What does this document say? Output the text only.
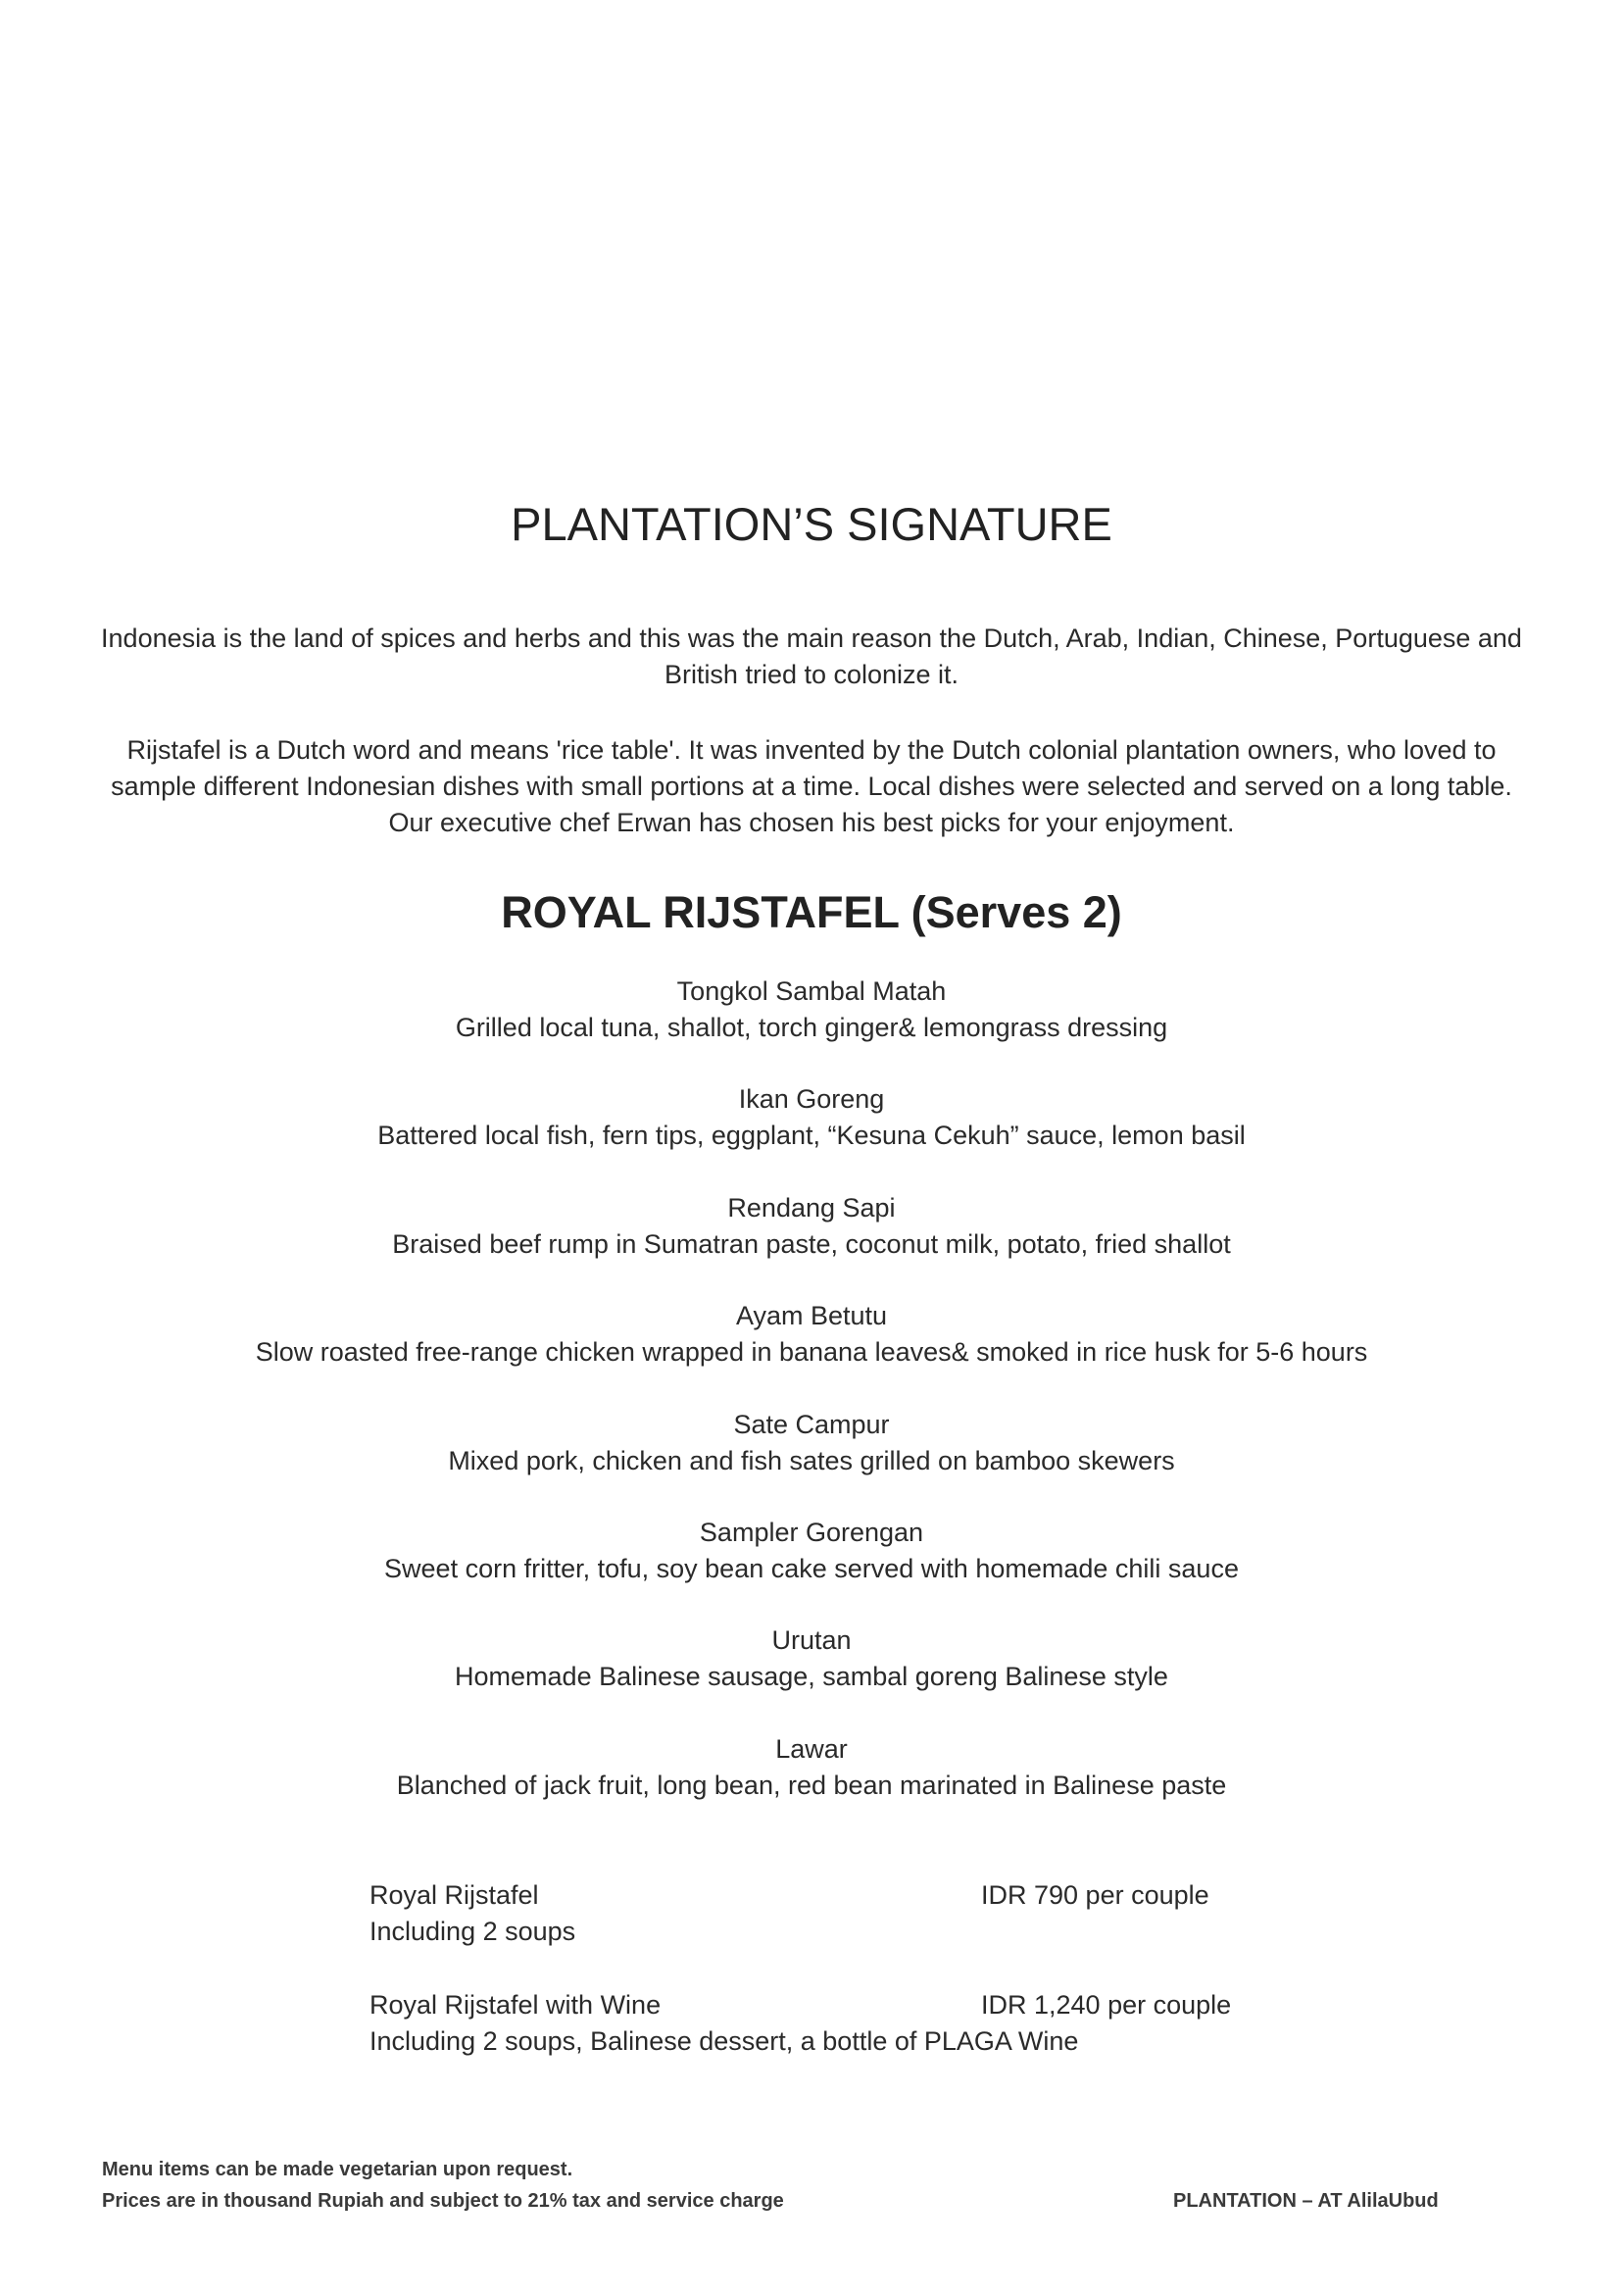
PLANTATION’S SIGNATURE

Indonesia is the land of spices and herbs and this was the main reason the Dutch, Arab, Indian, Chinese, Portuguese and British tried to colonize it.

Rijstafel is a Dutch word and means 'rice table'. It was invented by the Dutch colonial plantation owners, who loved to sample different Indonesian dishes with small portions at a time. Local dishes were selected and served on a long table. Our executive chef Erwan has chosen his best picks for your enjoyment.

ROYAL RIJSTAFEL (Serves 2)
Tongkol Sambal Matah
Grilled local tuna, shallot, torch ginger& lemongrass dressing
Ikan Goreng
Battered local fish, fern tips, eggplant, “Kesuna Cekuh” sauce, lemon basil
Rendang Sapi
Braised beef rump in Sumatran paste, coconut milk, potato, fried shallot
Ayam Betutu
Slow roasted free-range chicken wrapped in banana leaves& smoked in rice husk for 5-6 hours
Sate Campur
Mixed pork, chicken and fish sates grilled on bamboo skewers
Sampler Gorengan
Sweet corn fritter, tofu, soy bean cake served with homemade chili sauce
Urutan
Homemade Balinese sausage, sambal goreng Balinese style
Lawar
Blanched of jack fruit, long bean, red bean marinated in Balinese paste
Royal Rijstafel	IDR 790 per couple
Including 2 soups
Royal Rijstafel with Wine	IDR 1,240 per couple
Including 2 soups, Balinese dessert, a bottle of PLAGA Wine
Menu items can be made vegetarian upon request.
Prices are in thousand Rupiah and subject to 21% tax and service charge	PLANTATION – AT AlilaUbud
